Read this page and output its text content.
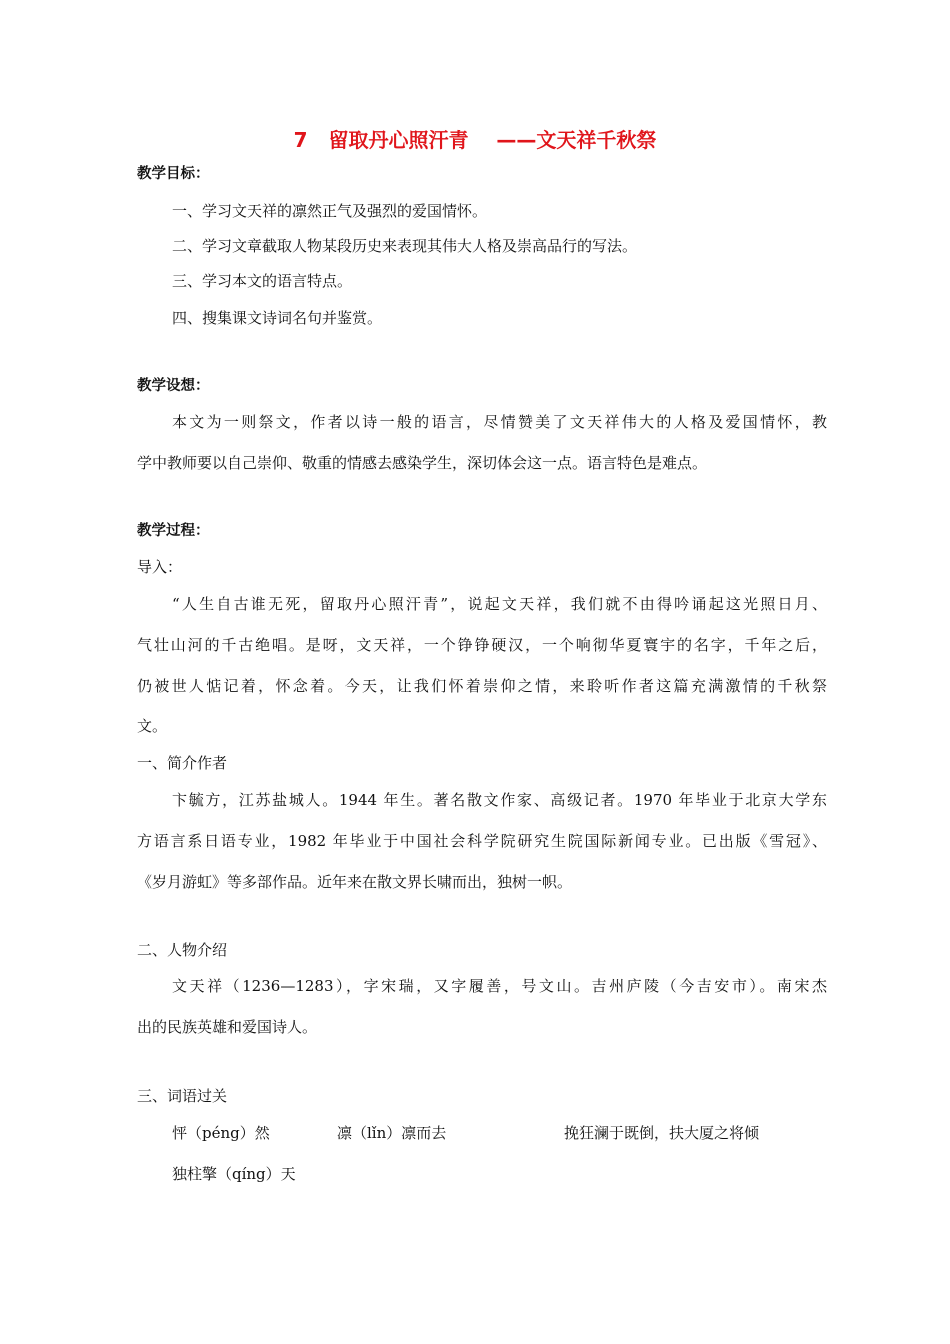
7   留取丹心照汗青    ——文天祥千秋祭
教学目标：
一、学习文天祥的凛然正气及强烈的爱国情怀。
二、学习文章截取人物某段历史来表现其伟大人格及崇高品行的写法。
三、学习本文的语言特点。
四、搜集课文诗词名句并鉴赏。
教学设想：
本文为一则祭文，作者以诗一般的语言，尽情赞美了文天祥伟大的人格及爱国情怀，教
学中教师要以自己崇仰、敬重的情感去感染学生，深切体会这一点。语言特色是难点。
教学过程：
导入：
“人生自古谁无死，留取丹心照汗青”，说起文天祥，我们就不由得吟诵起这光照日月、
气壮山河的千古绝唱。是呀，文天祥，一个铮铮硬汉，一个响彻华夏寰宇的名字，千年之后，
仍被世人惦记着，怀念着。今天，让我们怀着崇仰之情，来聆听作者这篇充满激情的千秋祭
文。
一、简介作者
卞毓方，江苏盐城人。1944 年生。著名散文作家、高级记者。1970 年毕业于北京大学东
方语言系日语专业，1982 年毕业于中国社会科学院研究生院国际新闻专业。已出版《雪冠》、
《岁月游虹》等多部作品。近年来在散文界长啸而出，独树一帜。
二、人物介绍
文天祥（1236—1283），字宋瑞，又字履善，号文山。吉州庐陵（今吉安市）。南宋杰
出的民族英雄和爱国诗人。
三、词语过关
怦（péng）然	凛（lǐn）凛而去	挽狂澜于既倒，扶大厦之将倾
独柱擎（qíng）天
